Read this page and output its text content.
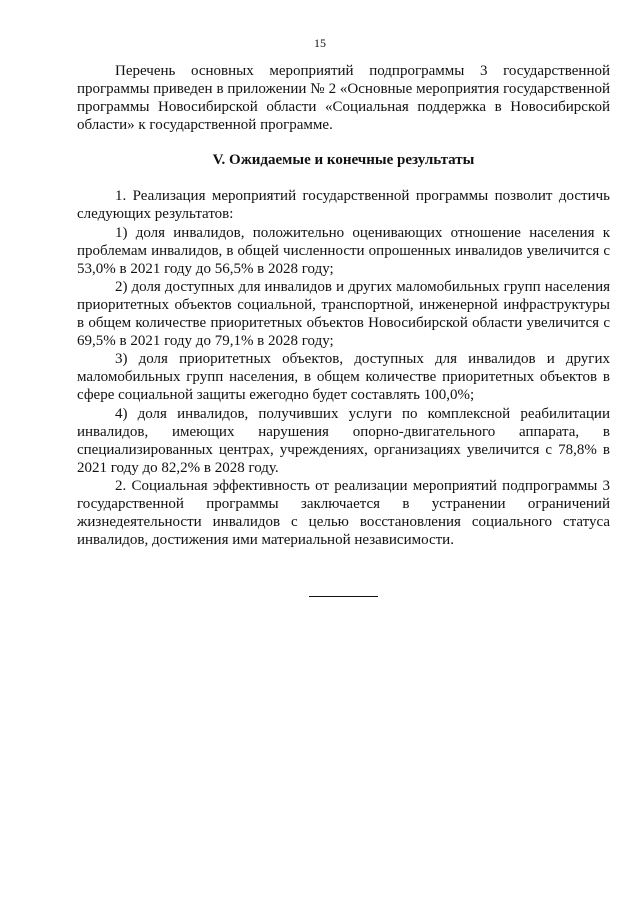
15

Перечень основных мероприятий подпрограммы 3 государственной программы приведен в приложении № 2 «Основные мероприятия государственной программы Новосибирской области «Социальная поддержка в Новосибирской области» к государственной программе.

V. Ожидаемые и конечные результаты

1. Реализация мероприятий государственной программы позволит достичь следующих результатов:

1) доля инвалидов, положительно оценивающих отношение населения к проблемам инвалидов, в общей численности опрошенных инвалидов увеличится с 53,0% в 2021 году до 56,5% в 2028 году;

2) доля доступных для инвалидов и других маломобильных групп населения приоритетных объектов социальной, транспортной, инженерной инфраструктуры в общем количестве приоритетных объектов Новосибирской области увеличится с 69,5% в 2021 году до 79,1% в 2028 году;

3) доля приоритетных объектов, доступных для инвалидов и других маломобильных групп населения, в общем количестве приоритетных объектов в сфере социальной защиты ежегодно будет составлять 100,0%;

4) доля инвалидов, получивших услуги по комплексной реабилитации инвалидов, имеющих нарушения опорно-двигательного аппарата, в специализированных центрах, учреждениях, организациях увеличится с 78,8% в 2021 году до 82,2% в 2028 году.

2. Социальная эффективность от реализации мероприятий подпрограммы 3 государственной программы заключается в устранении ограничений жизнедеятельности инвалидов с целью восстановления социального статуса инвалидов, достижения ими материальной независимости.
